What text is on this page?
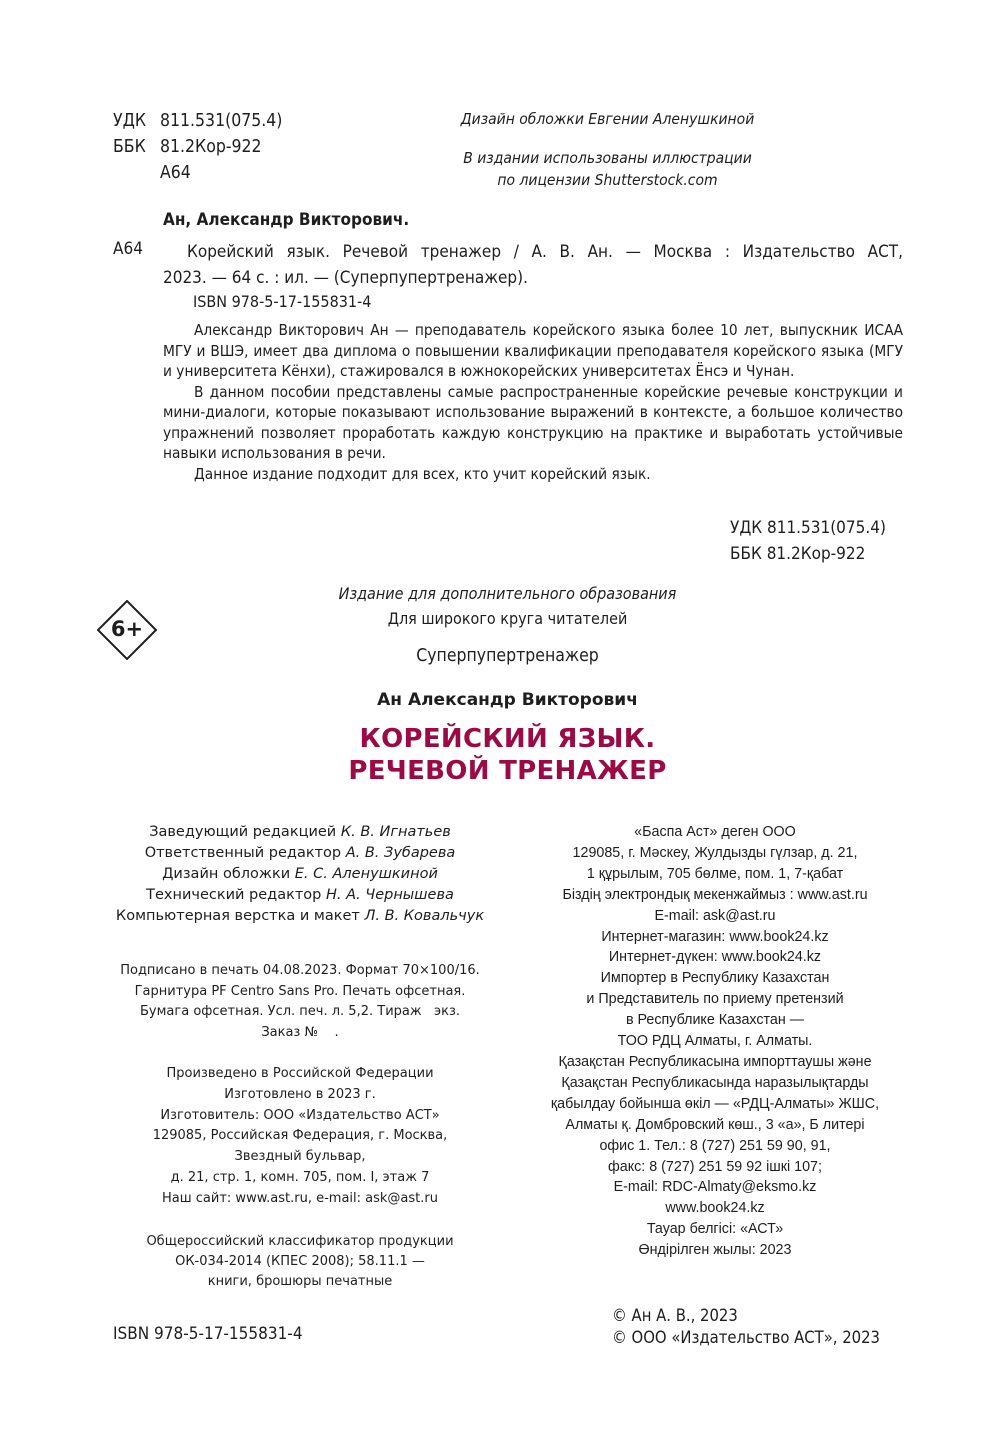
УДК 811.531(075.4)
ББК 81.2Кор-922
А64
Дизайн обложки Евгении Аленушкиной
В издании использованы иллюстрации
по лицензии Shutterstock.com
Ан, Александр Викторович.
А64	Корейский язык. Речевой тренажер / А. В. Ан. — Москва : Издательство АСТ,
2023. — 64 с. : ил. — (Суперпупертренажер).
ISBN 978-5-17-155831-4

Александр Викторович Ан — преподаватель корейского языка более 10 лет, выпускник ИСАА МГУ и ВШЭ, имеет два диплома о повышении квалификации преподавателя корейского языка (МГУ и университета Кёнхи), стажировался в южнокорейских университетах Ёнсэ и Чунан.

В данном пособии представлены самые распространенные корейские речевые конструкции и мини-диалоги, которые показывают использование выражений в контексте, а большое количество упражнений позволяет проработать каждую конструкцию на практике и выработать устойчивые навыки использования в речи.

Данное издание подходит для всех, кто учит корейский язык.

УДК 811.531(075.4)
ББК 81.2Кор-922
6+
Издание для дополнительного образования
Для широкого круга читателей
Суперпупертренажер
Ан Александр Викторович
КОРЕЙСКИЙ ЯЗЫК.
РЕЧЕВОЙ ТРЕНАЖЕР
Заведующий редакцией К. В. Игнатьев
Ответственный редактор А. В. Зубарева
Дизайн обложки Е. С. Аленушкиной
Технический редактор Н. А. Чернышева
Компьютерная верстка и макет Л. В. Ковальчук
Подписано в печать 04.08.2023. Формат 70×100/16.
Гарнитура PF Centro Sans Pro. Печать офсетная.
Бумага офсетная. Усл. печ. л. 5,2. Тираж   экз.
Заказ №    .
Произведено в Российской Федерации
Изготовлено в 2023 г.
Изготовитель: ООО «Издательство АСТ»
129085, Российская Федерация, г. Москва,
Звездный бульвар,
д. 21, стр. 1, комн. 705, пом. I, этаж 7
Наш сайт: www.ast.ru, e-mail: ask@ast.ru
Общероссийский классификатор продукции
ОК-034-2014 (КПЕС 2008); 58.11.1 —
книги, брошюры печатные
«Баспа Аст» деген ООО
129085, г. Мәскеу, Жулдызды гүлзар, д. 21,
1 құрылым, 705 бөлме, пом. 1, 7-қабат
Біздің электрондық мекенжаймыз : www.ast.ru
E-mail: ask@ast.ru
Интернет-магазин: www.book24.kz
Интернет-дүкен: www.book24.kz
Импортер в Республику Казахстан
и Представитель по приему претензий
в Республике Казахстан —
ТОО РДЦ Алматы, г. Алматы.
Қазақстан Республикасына импорттаушы және
Қазақстан Республикасында наразылықтарды
қабылдау бойынша өкіл — «РДЦ-Алматы» ЖШС,
Алматы қ. Домбровский көш., 3 «а», Б литері
офис 1. Тел.: 8 (727) 251 59 90, 91,
факс: 8 (727) 251 59 92 ішкі 107;
E-mail: RDC-Almaty@eksmo.kz
www.book24.kz
Тауар белгісі: «АСТ»
Өндірілген жылы: 2023
ISBN 978-5-17-155831-4
© Ан А. В., 2023
© ООО «Издательство АСТ», 2023
